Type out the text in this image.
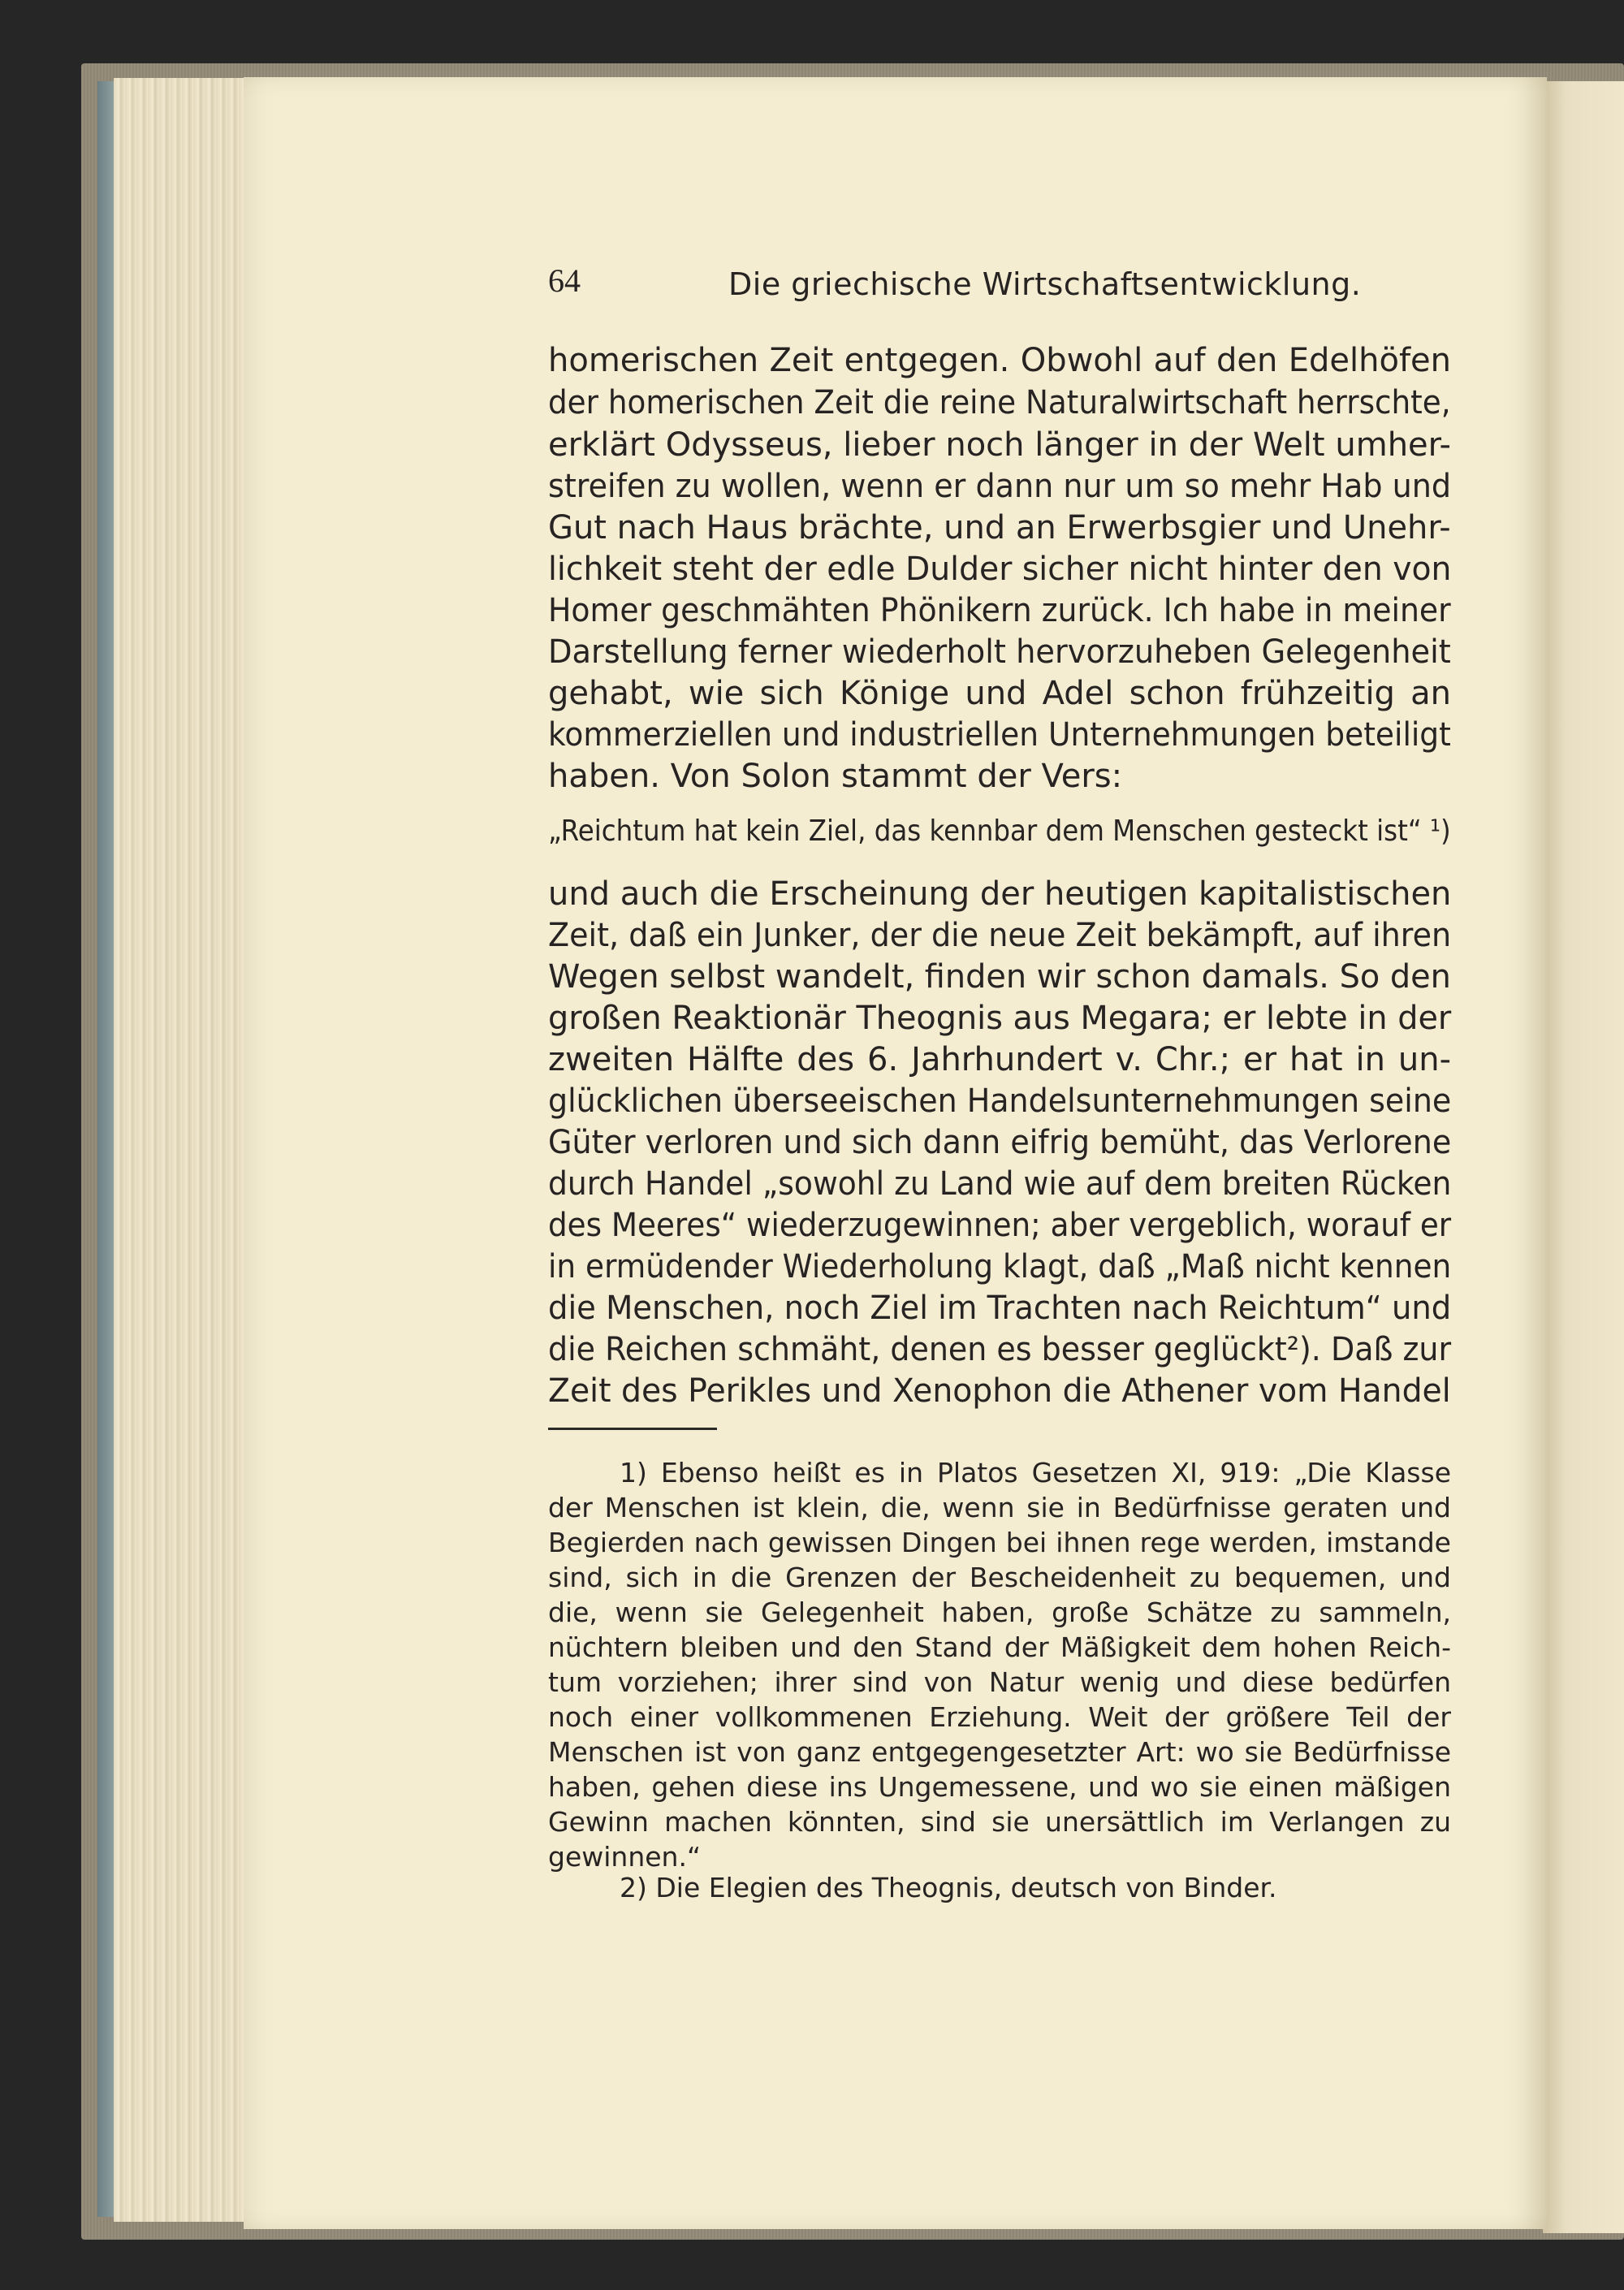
64	Die griechische Wirtschaftsentwicklung.
homerischen Zeit entgegen. Obwohl auf den Edelhöfen
der homerischen Zeit die reine Naturalwirtschaft herrschte,
erklärt Odysseus, lieber noch länger in der Welt umher-
streifen zu wollen, wenn er dann nur um so mehr Hab und
Gut nach Haus brächte, und an Erwerbsgier und Unehr-
lichkeit steht der edle Dulder sicher nicht hinter den von
Homer geschmähten Phönikern zurück. Ich habe in meiner
Darstellung ferner wiederholt hervorzuheben Gelegenheit
gehabt, wie sich Könige und Adel schon frühzeitig an
kommerziellen und industriellen Unternehmungen beteiligt
haben. Von Solon stammt der Vers:
„Reichtum hat kein Ziel, das kennbar dem Menschen gesteckt ist“ ¹)
und auch die Erscheinung der heutigen kapitalistischen
Zeit, daß ein Junker, der die neue Zeit bekämpft, auf ihren
Wegen selbst wandelt, finden wir schon damals. So den
großen Reaktionär Theognis aus Megara; er lebte in der
zweiten Hälfte des 6. Jahrhundert v. Chr.; er hat in un-
glücklichen überseeischen Handelsunternehmungen seine
Güter verloren und sich dann eifrig bemüht, das Verlorene
durch Handel „sowohl zu Land wie auf dem breiten Rücken
des Meeres“ wiederzugewinnen; aber vergeblich, worauf er
in ermüdender Wiederholung klagt, daß „Maß nicht kennen
die Menschen, noch Ziel im Trachten nach Reichtum“ und
die Reichen schmäht, denen es besser geglückt²). Daß zur
Zeit des Perikles und Xenophon die Athener vom Handel
1) Ebenso heißt es in Platos Gesetzen XI, 919: „Die Klasse
der Menschen ist klein, die, wenn sie in Bedürfnisse geraten und
Begierden nach gewissen Dingen bei ihnen rege werden, imstande
sind, sich in die Grenzen der Bescheidenheit zu bequemen, und
die, wenn sie Gelegenheit haben, große Schätze zu sammeln,
nüchtern bleiben und den Stand der Mäßigkeit dem hohen Reich-
tum vorziehen; ihrer sind von Natur wenig und diese bedürfen
noch einer vollkommenen Erziehung. Weit der größere Teil der
Menschen ist von ganz entgegengesetzter Art: wo sie Bedürfnisse
haben, gehen diese ins Ungemessene, und wo sie einen mäßigen
Gewinn machen könnten, sind sie unersättlich im Verlangen zu
gewinnen.“
2) Die Elegien des Theognis, deutsch von Binder.
